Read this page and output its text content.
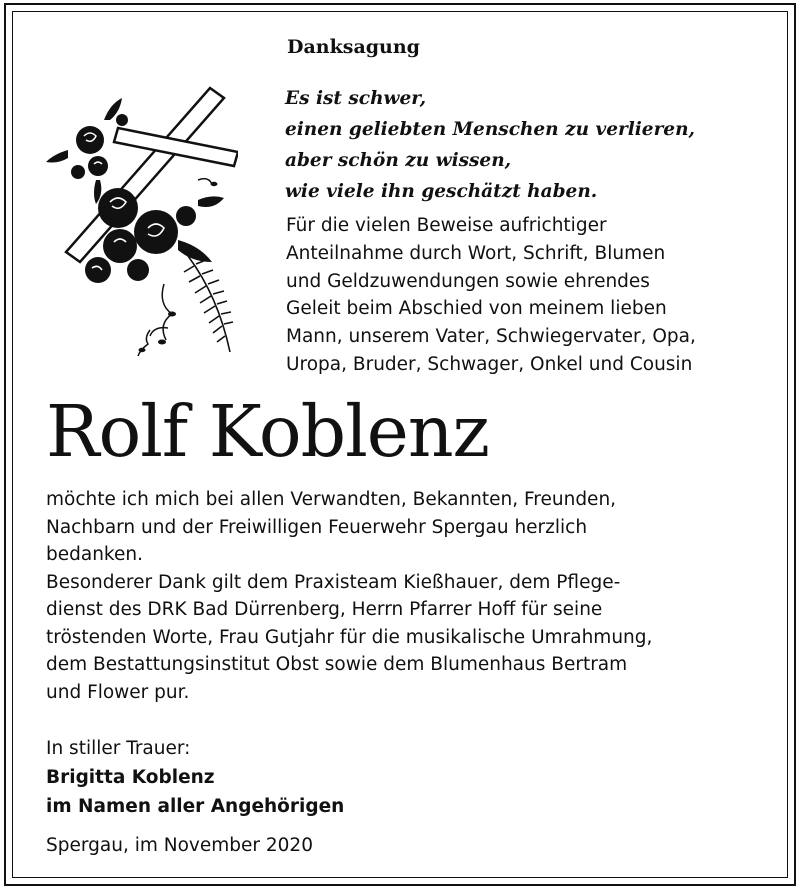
Danksagung
Es ist schwer,
einen geliebten Menschen zu verlieren,
aber schön zu wissen,
wie viele ihn geschätzt haben.
Für die vielen Beweise aufrichtiger
Anteilnahme durch Wort, Schrift, Blumen
und Geldzuwendungen sowie ehrendes
Geleit beim Abschied von meinem lieben
Mann, unserem Vater, Schwiegervater, Opa,
Uropa, Bruder, Schwager, Onkel und Cousin
Rolf Koblenz
möchte ich mich bei allen Verwandten, Bekannten, Freunden,
Nachbarn und der Freiwilligen Feuerwehr Spergau herzlich
bedanken.
Besonderer Dank gilt dem Praxisteam Kießhauer, dem Pflege-
dienst des DRK Bad Dürrenberg, Herrn Pfarrer Hoff für seine
tröstenden Worte, Frau Gutjahr für die musikalische Umrahmung,
dem Bestattungsinstitut Obst sowie dem Blumenhaus Bertram
und Flower pur.
In stiller Trauer:
Brigitta Koblenz
im Namen aller Angehörigen
Spergau, im November 2020
